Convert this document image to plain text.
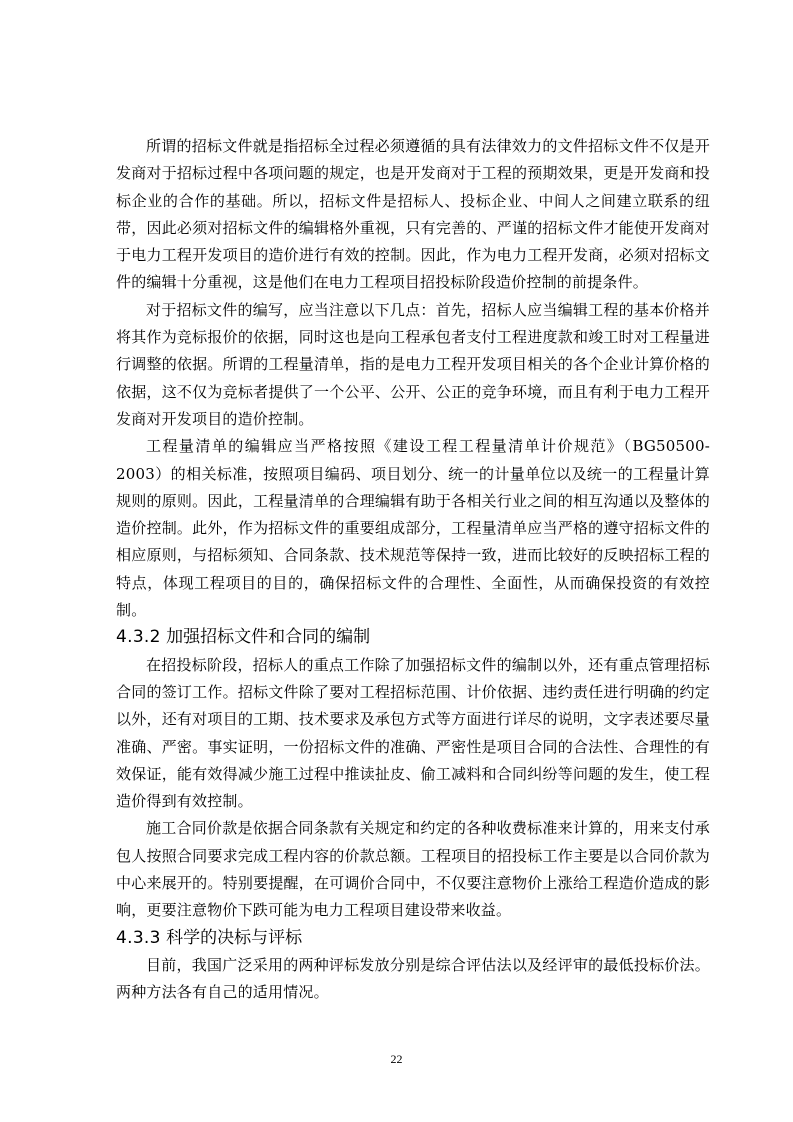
所谓的招标文件就是指招标全过程必须遵循的具有法律效力的文件招标文件不仅是开发商对于招标过程中各项问题的规定，也是开发商对于工程的预期效果，更是开发商和投标企业的合作的基础。所以，招标文件是招标人、投标企业、中间人之间建立联系的纽带，因此必须对招标文件的编辑格外重视，只有完善的、严谨的招标文件才能使开发商对于电力工程开发项目的造价进行有效的控制。因此，作为电力工程开发商，必须对招标文件的编辑十分重视，这是他们在电力工程项目招投标阶段造价控制的前提条件。

对于招标文件的编写，应当注意以下几点：首先，招标人应当编辑工程的基本价格并将其作为竞标报价的依据，同时这也是向工程承包者支付工程进度款和竣工时对工程量进行调整的依据。所谓的工程量清单，指的是电力工程开发项目相关的各个企业计算价格的依据，这不仅为竞标者提供了一个公平、公开、公正的竞争环境，而且有利于电力工程开发商对开发项目的造价控制。

工程量清单的编辑应当严格按照《建设工程工程量清单计价规范》（BG50500-2003）的相关标准，按照项目编码、项目划分、统一的计量单位以及统一的工程量计算规则的原则。因此，工程量清单的合理编辑有助于各相关行业之间的相互沟通以及整体的造价控制。此外，作为招标文件的重要组成部分，工程量清单应当严格的遵守招标文件的相应原则，与招标须知、合同条款、技术规范等保持一致，进而比较好的反映招标工程的特点，体现工程项目的目的，确保招标文件的合理性、全面性，从而确保投资的有效控制。

4.3.2 加强招标文件和合同的编制

在招投标阶段，招标人的重点工作除了加强招标文件的编制以外，还有重点管理招标合同的签订工作。招标文件除了要对工程招标范围、计价依据、违约责任进行明确的约定以外，还有对项目的工期、技术要求及承包方式等方面进行详尽的说明，文字表述要尽量准确、严密。事实证明，一份招标文件的准确、严密性是项目合同的合法性、合理性的有效保证，能有效得减少施工过程中推读扯皮、偷工减料和合同纠纷等问题的发生，使工程造价得到有效控制。

施工合同价款是依据合同条款有关规定和约定的各种收费标准来计算的，用来支付承包人按照合同要求完成工程内容的价款总额。工程项目的招投标工作主要是以合同价款为中心来展开的。特别要提醒，在可调价合同中，不仅要注意物价上涨给工程造价造成的影响，更要注意物价下跌可能为电力工程项目建设带来收益。

4.3.3 科学的决标与评标

目前，我国广泛采用的两种评标发放分别是综合评估法以及经评审的最低投标价法。两种方法各有自己的适用情况。

22
